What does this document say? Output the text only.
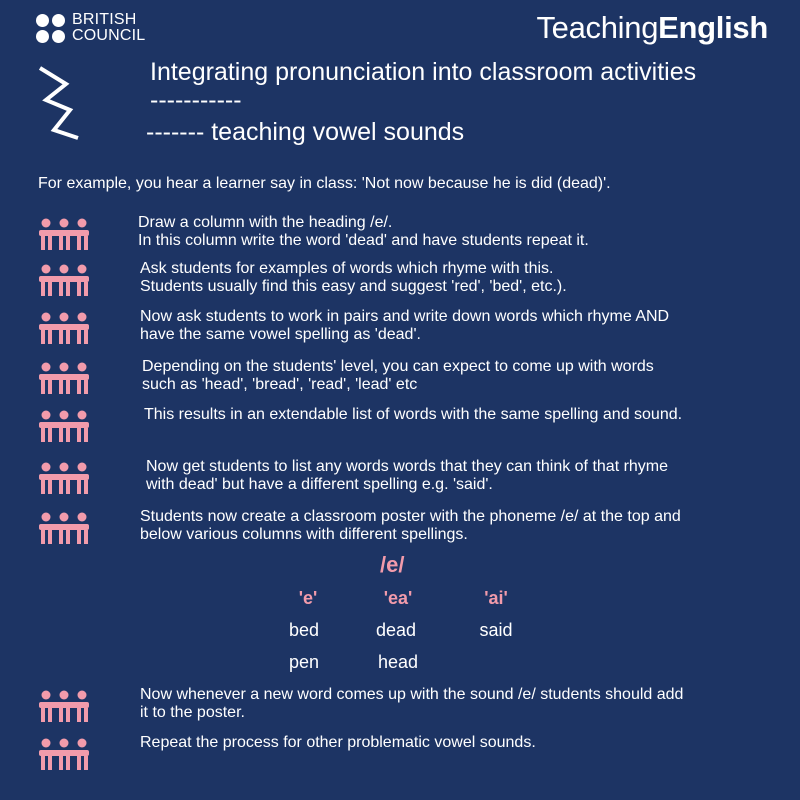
BRITISH
COUNCIL	TeachingEnglish
Integrating pronunciation into classroom activities -----------
------- teaching vowel sounds
For example, you hear a learner say in class: 'Not now because he is did (dead)'.
Draw a column with the heading /e/.
In this column write the word 'dead' and have students repeat it.
Ask students for examples of words which rhyme with this.
Students usually find this easy and suggest 'red', 'bed', etc.).
Now ask students to work in pairs and write down words which rhyme AND
have the same vowel spelling as 'dead'.
Depending on the students' level, you can expect to come up with words
such as 'head', 'bread', 'read', 'lead' etc
This results in an extendable list of words with the same spelling and sound.
Now get students to list any words words that they can think of that rhyme
with dead' but have a different spelling e.g. 'said'.
Students now create a classroom poster with the phoneme /e/ at the top and
below various columns with different spellings.
Now whenever a new word comes up with the sound /e/ students should add
it to the poster.
Repeat the process for other problematic vowel sounds.
/e/
'e'
bed
pen
'ea'
dead
head
'ai'
said
